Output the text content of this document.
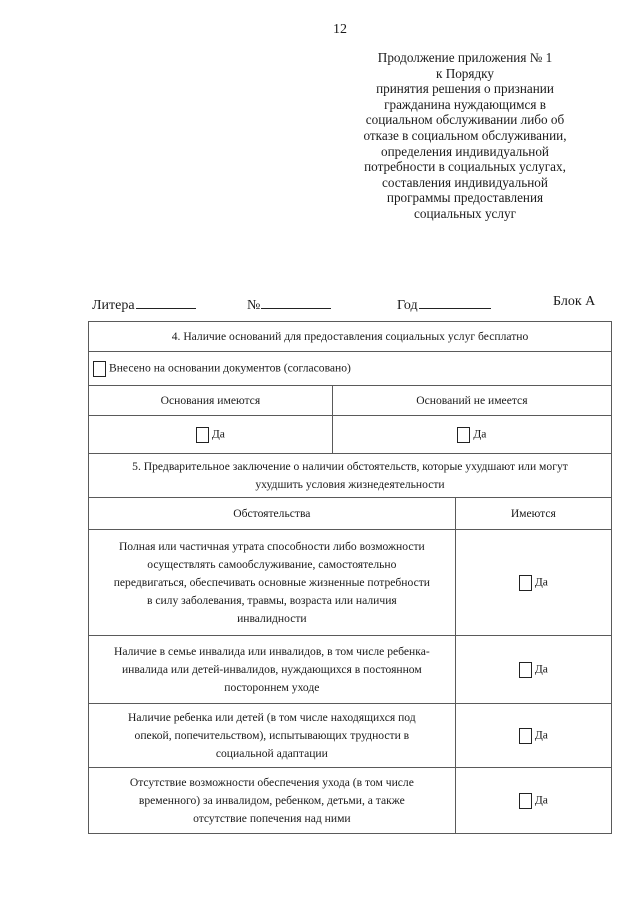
12
Продолжение приложения № 1
к Порядку
принятия решения о признании
гражданина нуждающимся в
социальном обслуживании либо об
отказе в социальном обслуживании,
определения индивидуальной
потребности в социальных услугах,
составления индивидуальной
программы предоставления
социальных услуг
Литера	№	Год	Блок А
4. Наличие оснований для предоставления социальных услуг бесплатно		
Внесено на основании документов (согласовано)		
Основания имеются	Оснований не имеется	
Да	Да	

5. Предварительное заключение о наличии обстоятельств, которые ухудшают или могут
ухудшить условия жизнедеятельности		

Обстоятельства		Имеются

Полная или частичная утрата способности либо возможности
осуществлять самообслуживание, самостоятельно
передвигаться, обеспечивать основные жизненные потребности
в силу заболевания, травмы, возраста или наличия
инвалидности		Да

Наличие в семье инвалида или инвалидов, в том числе ребенка-
инвалида или детей-инвалидов, нуждающихся в постоянном
постороннем уходе		Да

Наличие ребенка или детей (в том числе находящихся под
опекой, попечительством), испытывающих трудности в
социальной адаптации		Да

Отсутствие возможности обеспечения ухода (в том числе
временного) за инвалидом, ребенком, детьми, а также
отсутствие попечения над ними		Да
